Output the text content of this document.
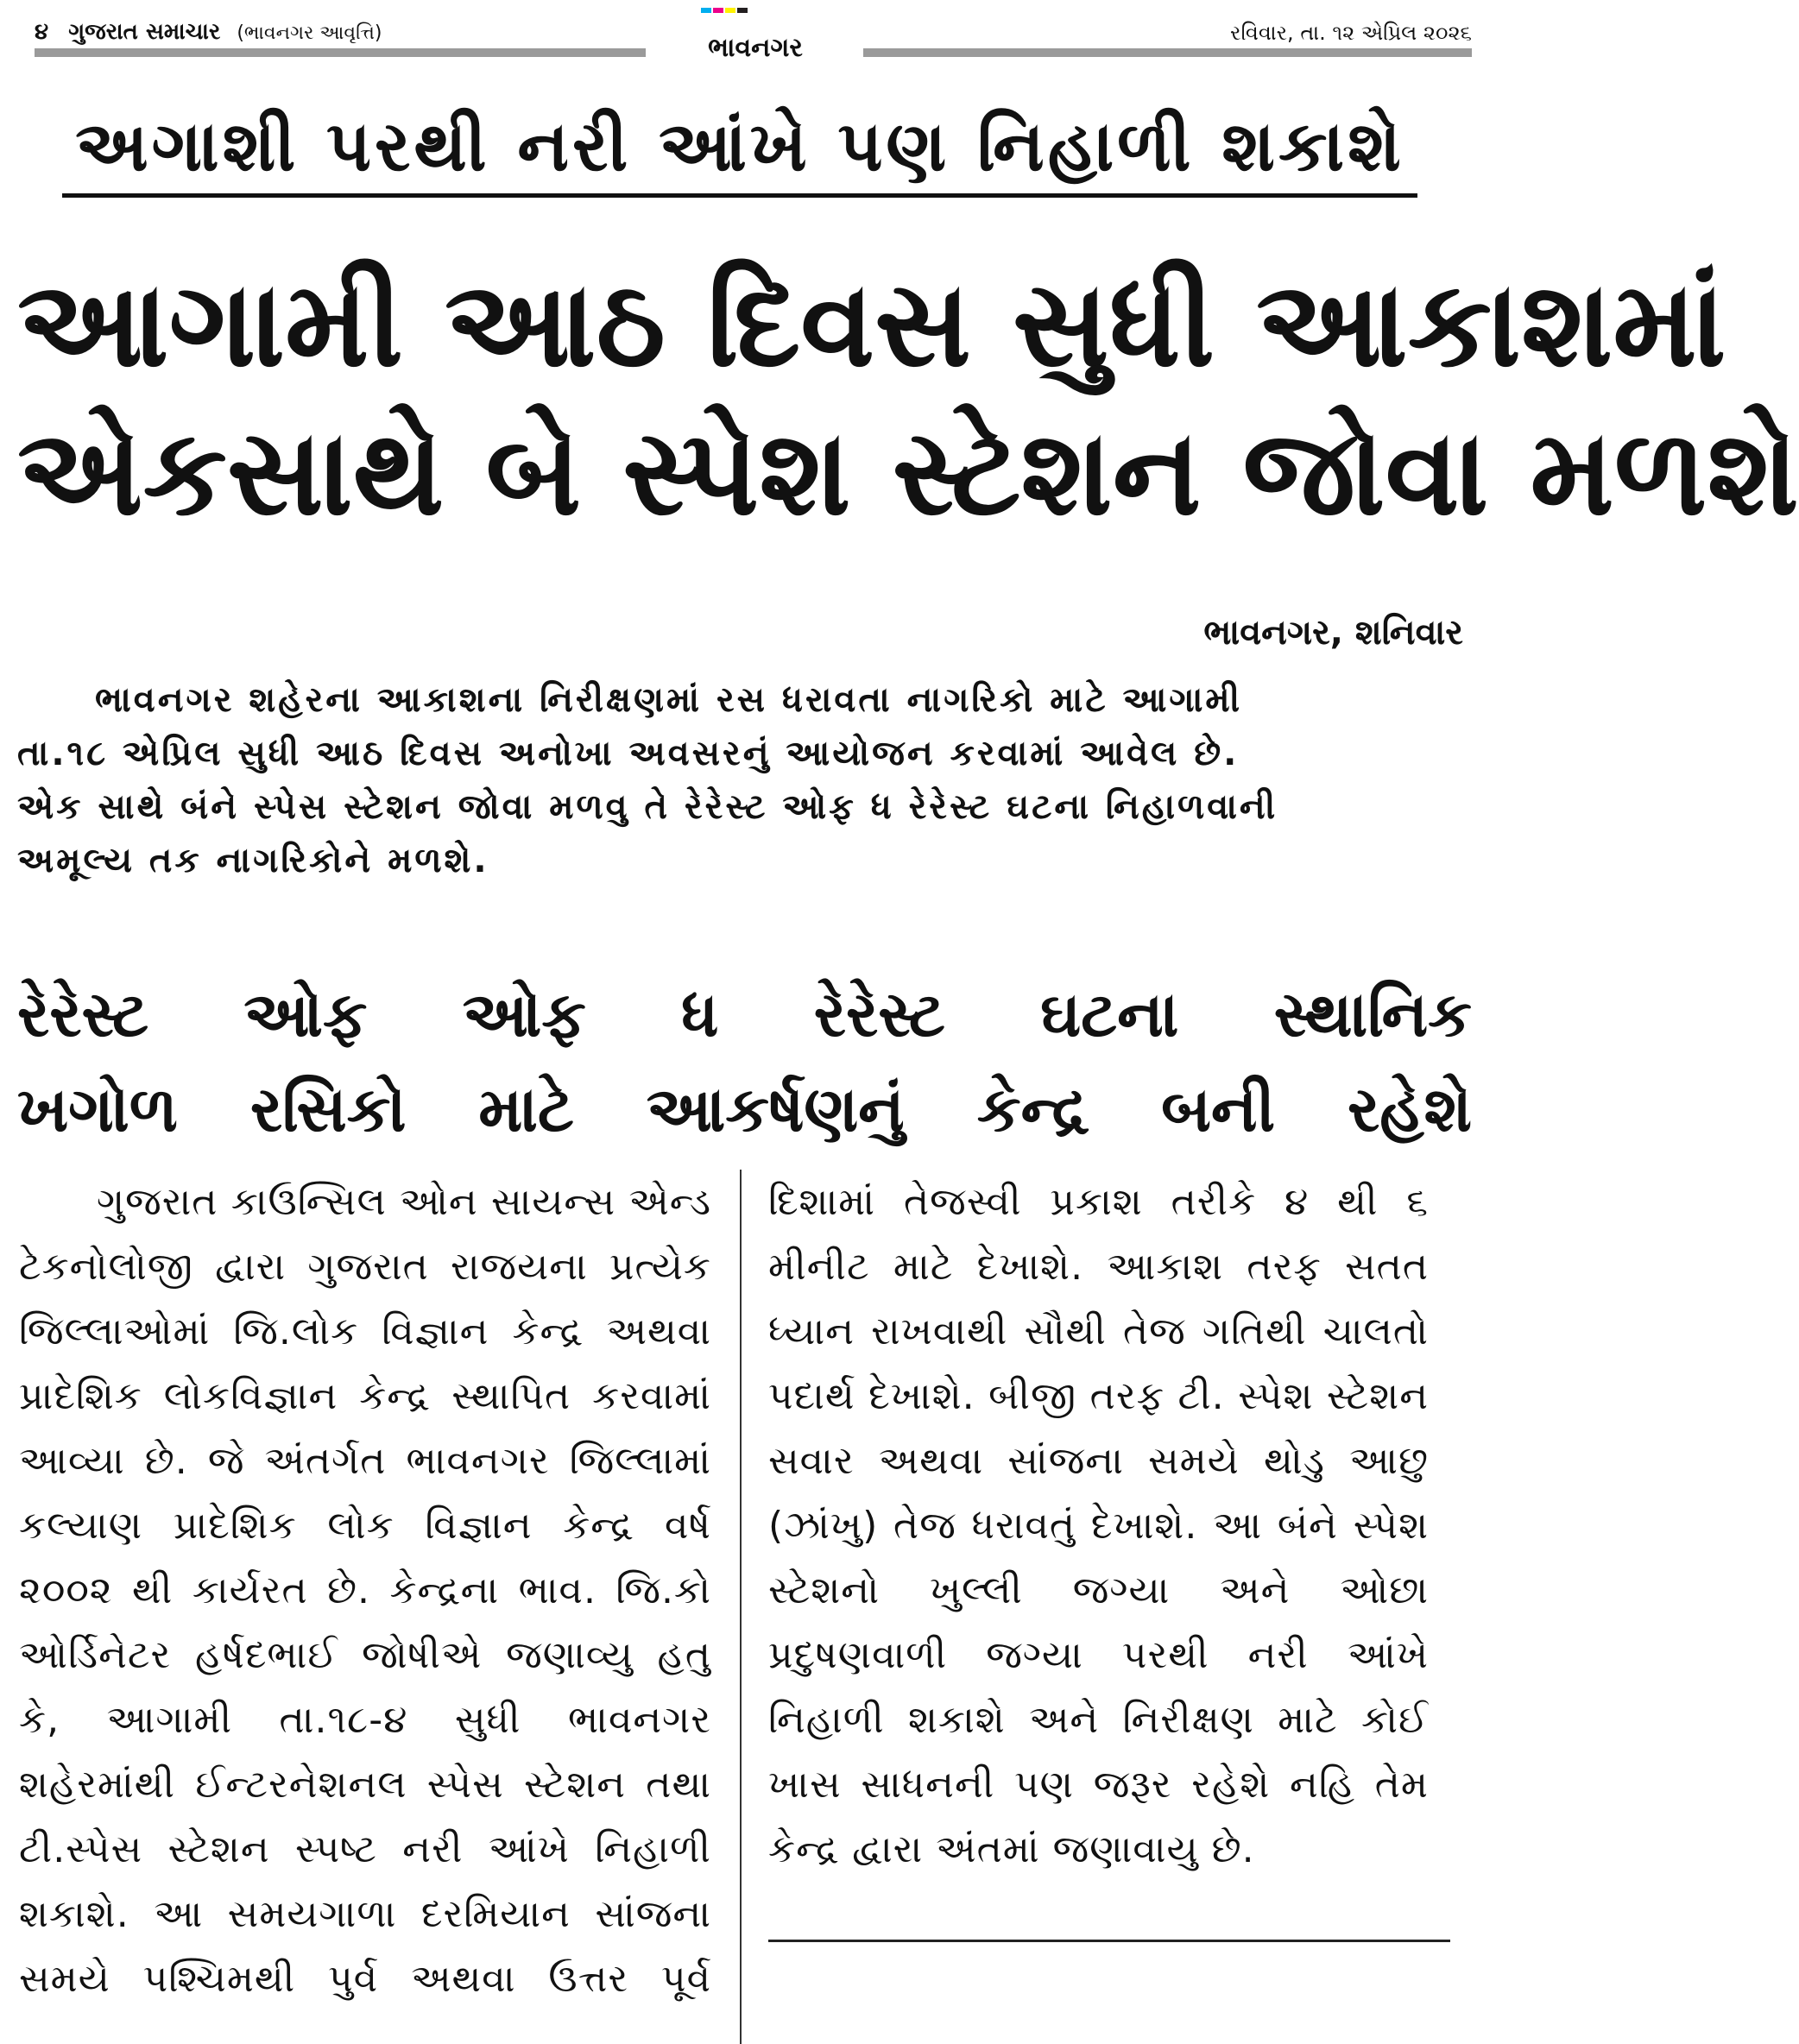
૪ ગુજરાત સમાચાર (ભાવનગર આવૃત્તિ)	ભાવનગર	રવિવાર, તા. ૧૨ એપ્રિલ ૨૦૨૬
અગાશી પરથી નરી આંખે પણ નિહાળી શકાશે
આગામી આઠ દિવસ સુધી આકાશમાં
એકસાથે બે સ્પેશ સ્ટેશન જોવા મળશે
ભાવનગર, શનિવાર
ભાવનગર શહેરના આકાશના નિરીક્ષણમાં રસ ધરાવતા નાગરિકો માટે આગામી
તા.૧૮ એપ્રિલ સુધી આઠ દિવસ અનોખા અવસરનું આયોજન કરવામાં આવેલ છે.
એક સાથે બંને સ્પેસ સ્ટેશન જોવા મળવુ તે રેરેસ્ટ ઓફ ધ રેરેસ્ટ ઘટના નિહાળવાની
અમૂલ્ય તક નાગરિકોને મળશે.
રેરેસ્ટ ઓફ ઓફ ધ રેરેસ્ટ ઘટના સ્થાનિક
ખગોળ રસિકો માટે આકર્ષણનું કેન્દ્ર બની રહેશે
ગુજરાત કાઉન્સિલ ઓન સાયન્સ એન્ડ
ટેકનોલોજી દ્વારા ગુજરાત રાજયના પ્રત્યેક
જિલ્લાઓમાં જિ.લોક વિજ્ઞાન કેન્દ્ર અથવા
પ્રાદેશિક લોકવિજ્ઞાન કેન્દ્ર સ્થાપિત કરવામાં
આવ્યા છે. જે અંતર્ગત ભાવનગર જિલ્લામાં
કલ્યાણ પ્રાદેશિક લોક વિજ્ઞાન કેન્દ્ર વર્ષ
૨૦૦૨ થી કાર્યરત છે. કેન્દ્રના ભાવ. જિ.કો
ઓર્ડિનેટર હર્ષદભાઈ જોષીએ જણાવ્યુ હતુ
કે, આગામી તા.૧૮-૪ સુધી ભાવનગર
શહેરમાંથી ઈન્ટરનેશનલ સ્પેસ સ્ટેશન તથા
ટી.સ્પેસ સ્ટેશન સ્પષ્ટ નરી આંખે નિહાળી
શકાશે. આ સમયગાળા દરમિયાન સાંજના
સમયે પશ્ચિમથી પુર્વ અથવા ઉત્તર પૂર્વ
દિશામાં તેજસ્વી પ્રકાશ તરીકે ૪ થી ૬
મીનીટ માટે દેખાશે. આકાશ તરફ સતત
ધ્યાન રાખવાથી સૌથી તેજ ગતિથી ચાલતો
પદાર્થ દેખાશે. બીજી તરફ ટી. સ્પેશ સ્ટેશન
સવાર અથવા સાંજના સમયે થોડુ આછુ
(ઝાંખુ) તેજ ધરાવતું દેખાશે. આ બંને સ્પેશ
સ્ટેશનો ખુલ્લી જગ્યા અને ઓછા
પ્રદુષણવાળી જગ્યા પરથી નરી આંખે
નિહાળી શકાશે અને નિરીક્ષણ માટે કોઈ
ખાસ સાધનની પણ જરૂર રહેશે નહિ તેમ
કેન્દ્ર દ્વારા અંતમાં જણાવાયુ છે.
